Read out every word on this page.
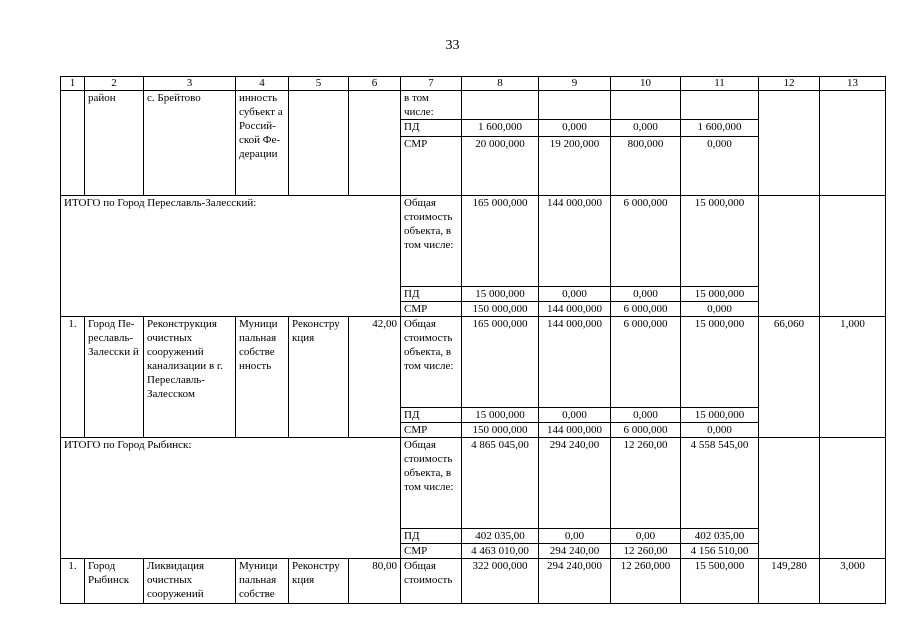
33
1	2	3	4	5	6	7	8	9	10	11	12	13
	район	с. Брейтово	инность субъект а Россий-ской Фе-дерации			в том числе:						
						ПД	1 600,000	0,000	0,000	1 600,000		
						СМР	20 000,000	19 200,000	800,000	0,000		
ИТОГО по Город Переславль-Залесский:						Общая стоимость объекта, в том числе:	165 000,000	144 000,000	6 000,000	15 000,000		
						ПД	15 000,000	0,000	0,000	15 000,000		
						СМР	150 000,000	144 000,000	6 000,000	0,000		
1.	Город Пе-реславль-Залесски й	Реконструкция очистных сооружений канализации в г. Переславль-Залесском	Муници пальная собстве нность	Реконстру кция	42,00	Общая стоимость объекта, в том числе:	165 000,000	144 000,000	6 000,000	15 000,000	66,060	1,000
						ПД	15 000,000	0,000	0,000	15 000,000		
						СМР	150 000,000	144 000,000	6 000,000	0,000		
ИТОГО по Город Рыбинск:						Общая стоимость объекта, в том числе:	4 865 045,00	294 240,00	12 260,00	4 558 545,00		
						ПД	402 035,00	0,00	0,00	402 035,00		
						СМР	4 463 010,00	294 240,00	12 260,00	4 156 510,00		
1.	Город Рыбинск	Ликвидация очистных сооружений	Муници пальная собстве	Реконстру кция	80,00	Общая стоимость	322 000,000	294 240,000	12 260,000	15 500,000	149,280	3,000
